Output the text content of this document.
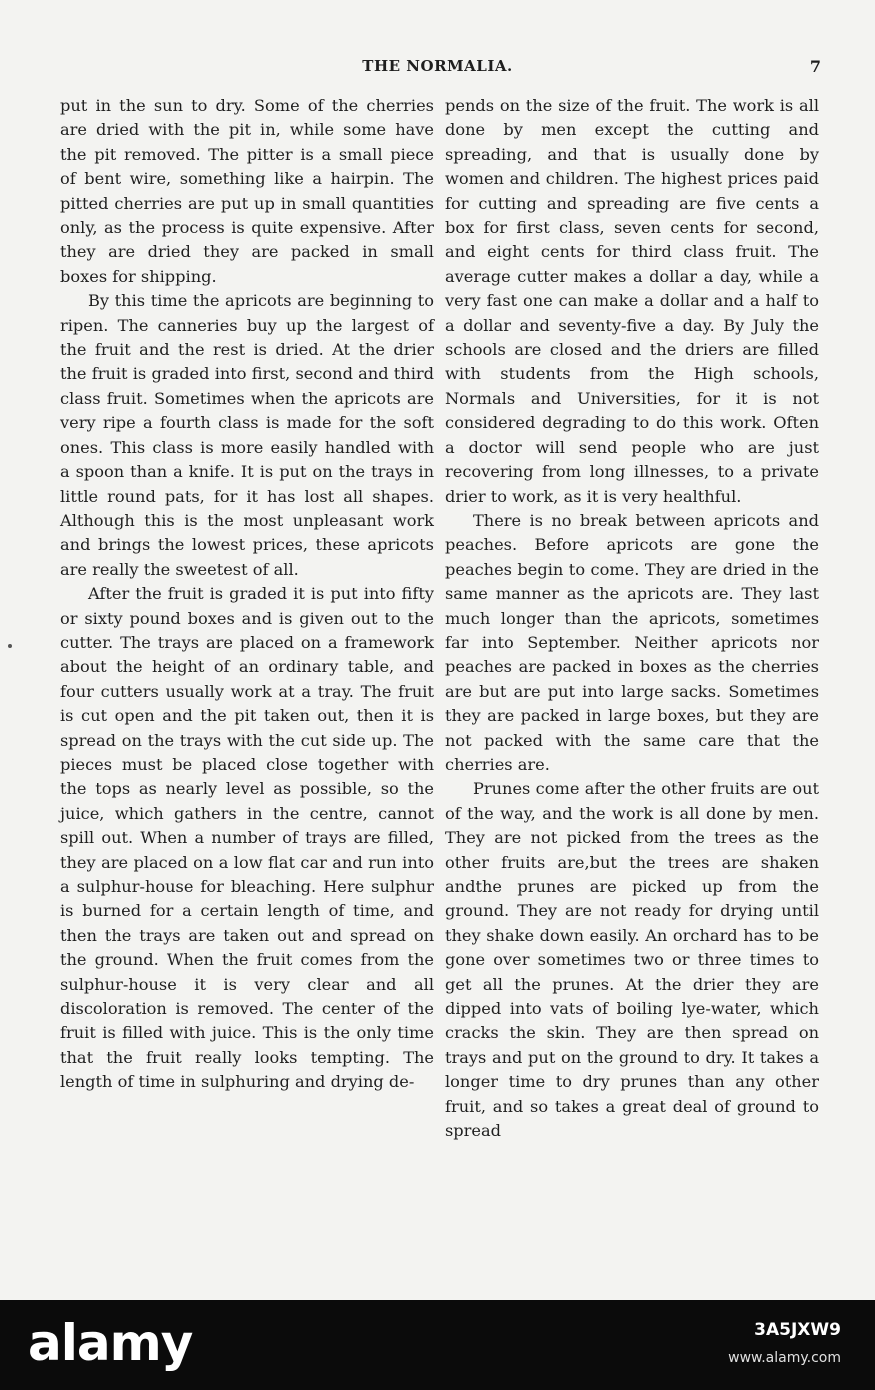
THE NORMALIA.	7

put in the sun to dry. Some of the cherries are dried with the pit in, while some have the pit removed. The pitter is a small piece of bent wire, something like a hairpin. The pitted cherries are put up in small quantities only, as the process is quite expensive. After they are dried they are packed in small boxes for shipping.

By this time the apricots are beginning to ripen. The canneries buy up the largest of the fruit and the rest is dried. At the drier the fruit is graded into first, second and third class fruit. Sometimes when the apricots are very ripe a fourth class is made for the soft ones. This class is more easily handled with a spoon than a knife. It is put on the trays in little round pats, for it has lost all shapes. Although this is the most unpleasant work and brings the lowest prices, these apricots are really the sweetest of all.

After the fruit is graded it is put into fifty or sixty pound boxes and is given out to the cutter. The trays are placed on a framework about the height of an ordinary table, and four cutters usually work at a tray. The fruit is cut open and the pit taken out, then it is spread on the trays with the cut side up. The pieces must be placed close together with the tops as nearly level as possible, so the juice, which gathers in the centre, cannot spill out. When a number of trays are filled, they are placed on a low flat car and run into a sulphur-house for bleaching. Here sulphur is burned for a certain length of time, and then the trays are taken out and spread on the ground. When the fruit comes from the sulphur-house it is very clear and all discoloration is removed. The center of the fruit is filled with juice. This is the only time that the fruit really looks tempting. The length of time in sulphuring and drying de-

pends on the size of the fruit. The work is all done by men except the cutting and spreading, and that is usually done by women and children. The highest prices paid for cutting and spreading are five cents a box for first class, seven cents for second, and eight cents for third class fruit. The average cutter makes a dollar a day, while a very fast one can make a dollar and a half to a dollar and seventy-five a day. By July the schools are closed and the driers are filled with students from the High schools, Normals and Universities, for it is not considered degrading to do this work. Often a doctor will send people who are just recovering from long illnesses, to a private drier to work, as it is very healthful.

There is no break between apricots and peaches. Before apricots are gone the peaches begin to come. They are dried in the same manner as the apricots are. They last much longer than the apricots, sometimes far into September. Neither apricots nor peaches are packed in boxes as the cherries are but are put into large sacks. Sometimes they are packed in large boxes, but they are not packed with the same care that the cherries are.

Prunes come after the other fruits are out of the way, and the work is all done by men. They are not picked from the trees as the other fruits are,but the trees are shaken andthe prunes are picked up from the ground. They are not ready for drying until they shake down easily. An orchard has to be gone over sometimes two or three times to get all the prunes. At the drier they are dipped into vats of boiling lye-water, which cracks the skin. They are then spread on trays and put on the ground to dry. It takes a longer time to dry prunes than any other fruit, and so takes a great deal of ground to spread

alamy	3A5JXW9
www.alamy.com
